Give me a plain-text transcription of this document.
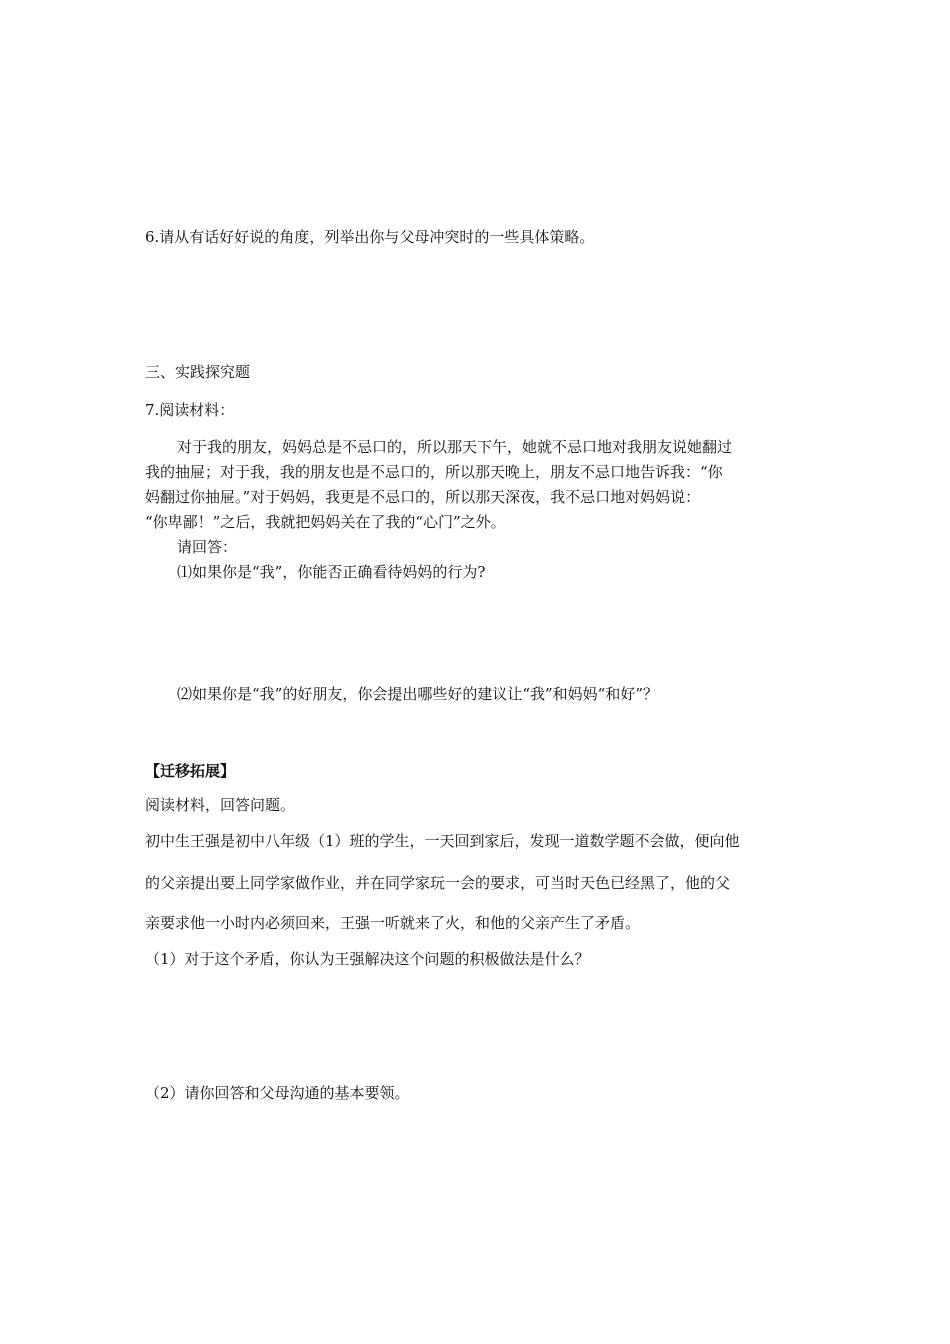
6.请从有话好好说的角度，列举出你与父母冲突时的一些具体策略。
三、实践探究题
7.阅读材料：
对于我的朋友，妈妈总是不忌口的，所以那天下午，她就不忌口地对我朋友说她翻过
我的抽屉；对于我，我的朋友也是不忌口的，所以那天晚上，朋友不忌口地告诉我：“你
妈翻过你抽屉。”对于妈妈，我更是不忌口的，所以那天深夜，我不忌口地对妈妈说：
“你卑鄙！”之后，我就把妈妈关在了我的“心门”之外。
请回答：
⑴如果你是“我”，你能否正确看待妈妈的行为?
⑵如果你是“我”的好朋友，你会提出哪些好的建议让“我”和妈妈“和好”？
【迁移拓展】
阅读材料，回答问题。
初中生王强是初中八年级（1）班的学生，一天回到家后，发现一道数学题不会做，便向他
的父亲提出要上同学家做作业，并在同学家玩一会的要求，可当时天色已经黑了，他的父
亲要求他一小时内必须回来，王强一听就来了火，和他的父亲产生了矛盾。
（1）对于这个矛盾，你认为王强解决这个问题的积极做法是什么？
（2）请你回答和父母沟通的基本要领。
